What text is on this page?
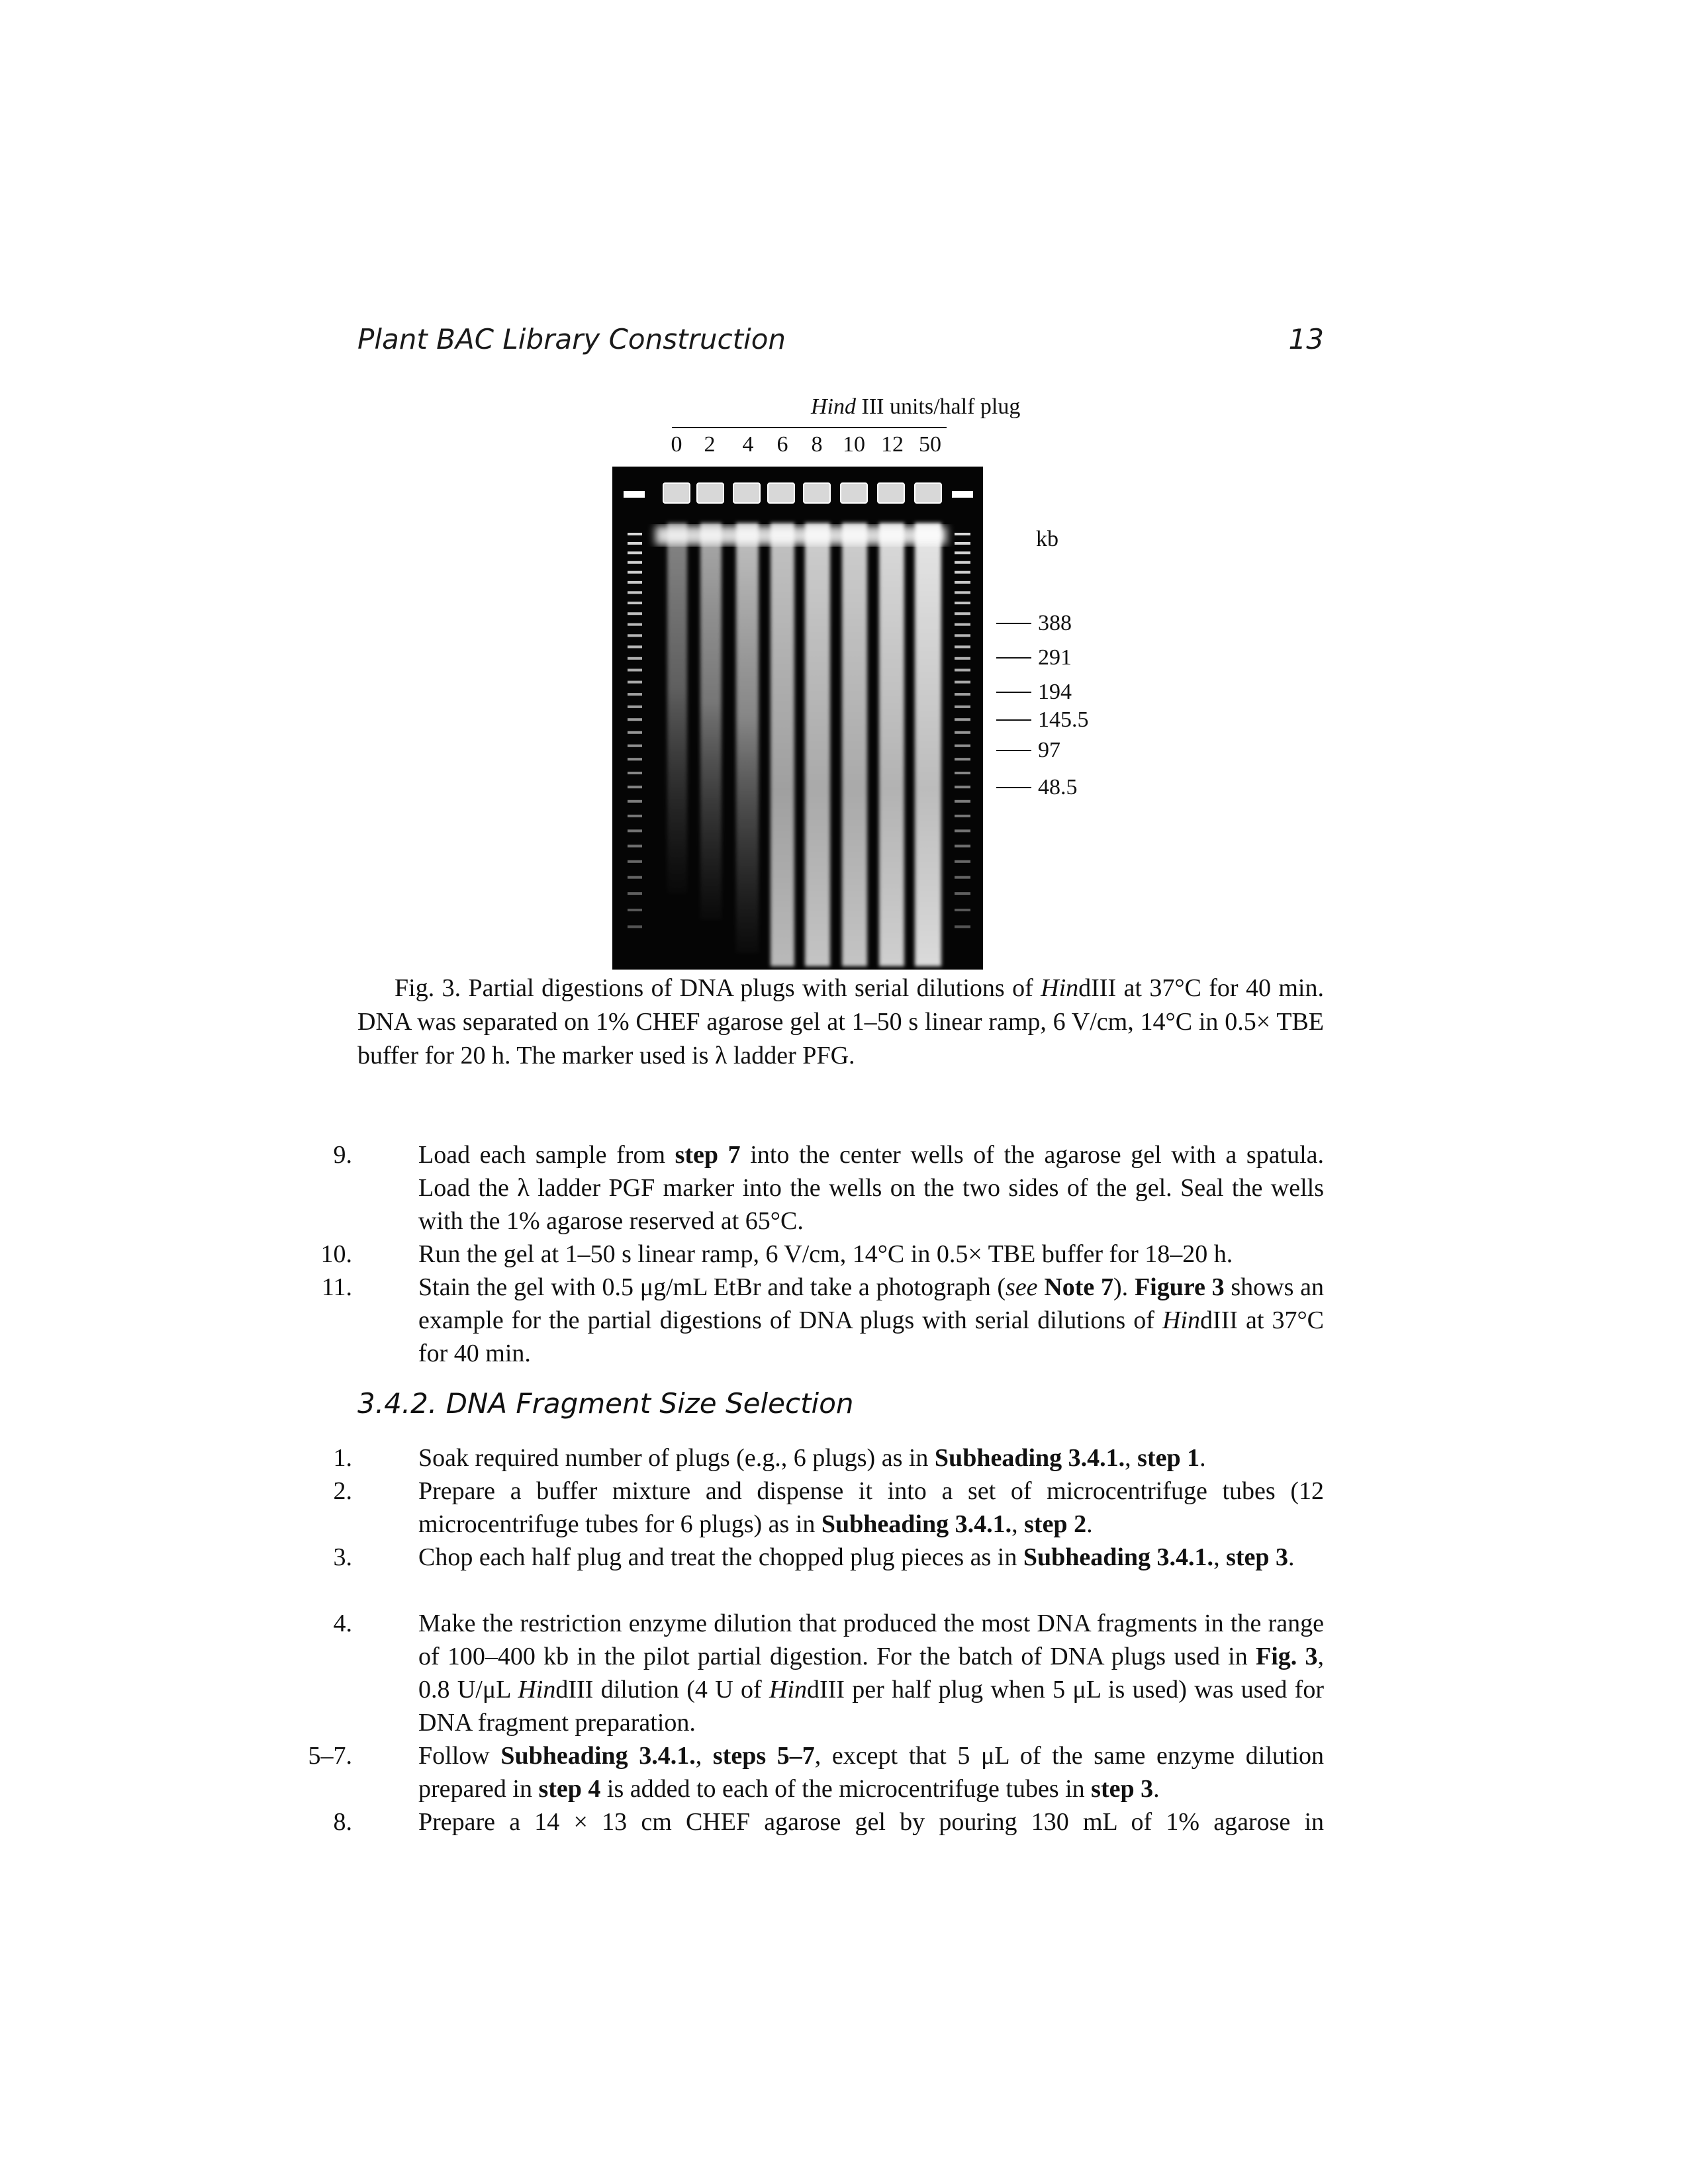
Plant BAC Library Construction	13
Hind III units/half plug
0 2 4 6 8 10 12 50
kb
388
291
194
145.5
97
48.5
Fig. 3. Partial digestions of DNA plugs with serial dilutions of HindIII at 37°C for 40 min. DNA was separated on 1% CHEF agarose gel at 1–50 s linear ramp, 6 V/cm, 14°C in 0.5× TBE buffer for 20 h. The marker used is λ ladder PFG.
9.	Load each sample from step 7 into the center wells of the agarose gel with a spatula. Load the λ ladder PGF marker into the wells on the two sides of the gel. Seal the wells with the 1% agarose reserved at 65°C.
10.	Run the gel at 1–50 s linear ramp, 6 V/cm, 14°C in 0.5× TBE buffer for 18–20 h.
11.	Stain the gel with 0.5 μg/mL EtBr and take a photograph (see Note 7). Figure 3 shows an example for the partial digestions of DNA plugs with serial dilutions of HindIII at 37°C for 40 min.
3.4.2. DNA Fragment Size Selection
1.	Soak required number of plugs (e.g., 6 plugs) as in Subheading 3.4.1., step 1.
2.	Prepare a buffer mixture and dispense it into a set of microcentrifuge tubes (12 microcentrifuge tubes for 6 plugs) as in Subheading 3.4.1., step 2.
3.	Chop each half plug and treat the chopped plug pieces as in Subheading 3.4.1., step 3.
4.	Make the restriction enzyme dilution that produced the most DNA fragments in the range of 100–400 kb in the pilot partial digestion. For the batch of DNA plugs used in Fig. 3, 0.8 U/μL HindIII dilution (4 U of HindIII per half plug when 5 μL is used) was used for DNA fragment preparation.
5–7.	Follow Subheading 3.4.1., steps 5–7, except that 5 μL of the same enzyme dilution prepared in step 4 is added to each of the microcentrifuge tubes in step 3.
8.	Prepare a 14 × 13 cm CHEF agarose gel by pouring 130 mL of 1% agarose in
